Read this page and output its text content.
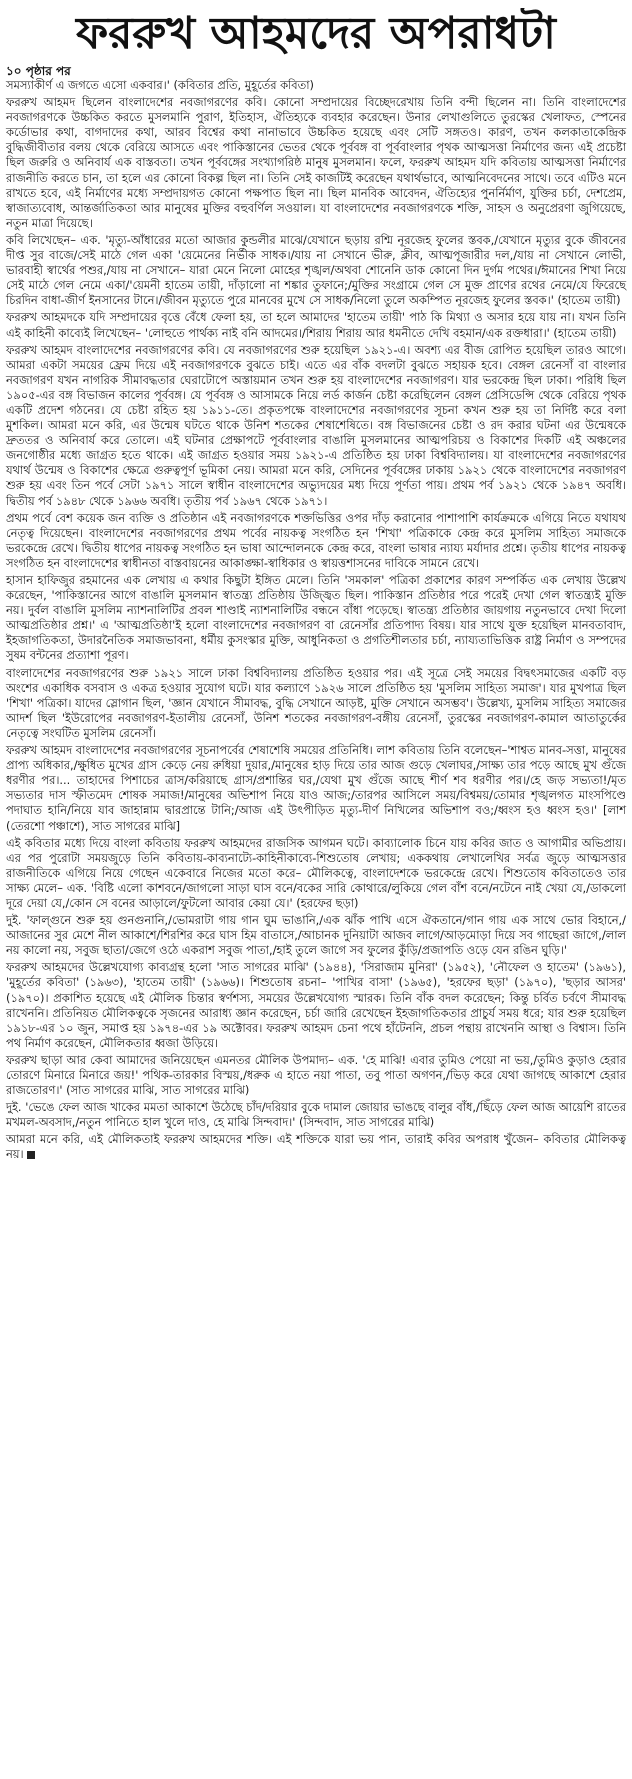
ফররুখ আহমদের অপরাধটা
১০ পৃষ্ঠার পর

সমস্যাকীর্ণ এ জগতে এসো একবার।' (কবিতার প্রতি, মুহূর্তের কবিতা)

ফররুখ আহমদ ছিলেন বাংলাদেশের নবজাগরণের কবি। কোনো সম্প্রদায়ের বিচ্ছেদরেখায় তিনি বন্দী ছিলেন না। তিনি বাংলাদেশের নবজাগরণকে উচ্চকিত করতে মুসলমানি পুরাণ, ইতিহাস, ঐতিহ্যকে ব্যবহার করেছেন। উনার লেখাগুলিতে তুরস্কের খেলাফত, স্পেনের কর্ডোভার কথা, বাগদাদের কথা, আরব বিশ্বের কথা নানাভাবে উচ্চকিত হয়েছে এবং সেটি সঙ্গতও। কারণ, তখন কলকাতাকেন্দ্রিক বুদ্ধিজীবীতার বলয় থেকে বেরিয়ে আসতে এবং পাকিস্তানের ভেতর থেকে পূর্ববঙ্গ বা পূর্ববাংলার পৃথক আত্মসত্তা নির্মাণের জন্য এই প্রচেষ্টা ছিল জরুরি ও অনিবার্য এক বাস্তবতা। তখন পূর্ববঙ্গের সংখ্যাগরিষ্ঠ মানুষ মুসলমান। ফলে, ফররুখ আহমদ যদি কবিতায় আত্মসত্তা নির্মাণের রাজনীতি করতে চান, তা হলে এর কোনো বিকল্প ছিল না। তিনি সেই কাজটিই করেছেন যথার্থভাবে, আত্মনিবেদনের সাথে। তবে এটিও মনে রাখতে হবে, এই নির্মাণের মধ্যে সম্প্রদায়গত কোনো পক্ষপাত ছিল না। ছিল মানবিক আবেদন, ঐতিহ্যের পুনর্নির্মাণ, যুক্তির চর্চা, দেশপ্রেম, স্বাজাত্যবোধ, আন্তর্জাতিকতা আর মানুষের মুক্তির বহুবর্ণিল সওয়াল। যা বাংলাদেশের নবজাগরণকে শক্তি, সাহস ও অনুপ্রেরণা জুগিয়েছে, নতুন মাত্রা দিয়েছে।

কবি লিখেছেন– এক. 'মৃত্যু-আঁধারের মতো আজার কুন্ডলীর মাঝে/যেখানে ছড়ায় রশ্মি নূরজেহ ফুলের স্তবক,/যেখানে মৃত্যুর বুকে জীবনের দীপ্ত সুর বাজে/সেই মাঠে গেল একা 'য়েমেনের নির্ভীক সাধক।/যায় না সেখানে ভীরু, ক্লীব, আত্মপূজারীর দল,/যায় না সেখানে লোভী, ভারবাহী স্বার্থের পশুর,/যায় না সেখানে– যারা মেনে নিলো মোহের শৃঙ্খল/অথবা শোনেনি ডাক কোনো দিন দুর্গম পথের।/ঈমানের শিখা নিয়ে সেই মাঠে গেল নেমে একা/'য়েমনী হাতেম তায়ী, দাঁড়ালো না শঙ্কার তুফানে;/মুক্তির সংগ্রামে গেল সে মুক্ত প্রাণের রথের নেমে/যে ফিরেছে চিরদিন বাধা-জীর্ণ ইনসানের টানে।/জীবন মৃত্যুতে পুরে মানবের মুখে সে সাধক/নিলো তুলে অকম্পিত নূরজেহ ফুলের স্তবক।' (হাতেম তায়ী)

ফররুখ আহমদকে যদি সম্প্রদায়ের বৃত্তে বেঁধে ফেলা হয়, তা হলে আমাদের 'হাতেম তায়ী' পাঠ কি মিথ্যা ও অসার হয়ে যায় না। যখন তিনি এই কাহিনী কাব্যেই লিখেছেন– 'লোহুতে পার্থক্য নাই বনি আদমের।/শিরায় শিরায় আর ধমনীতে দেখি বহমান/এক রক্তধারা।' (হাতেম তায়ী)

ফররুখ আহমদ বাংলাদেশের নবজাগরণের কবি। যে নবজাগরণের শুরু হয়েছিল ১৯২১-এ। অবশ্য এর বীজ রোপিত হয়েছিল তারও আগে। আমরা একটা সময়ের ফ্রেম দিয়ে এই নবজাগরণকে বুঝতে চাই। এতে এর বাঁক বদলটা বুঝতে সহায়ক হবে। বেঙ্গল রেনেসাঁ বা বাংলার নবজাগরণ যখন নাগরিক সীমাবদ্ধতার ঘেরাটোপে অস্তায়মান তখন শুরু হয় বাংলাদেশের নবজাগরণ। যার ভরকেন্দ্র ছিল ঢাকা। পরিধি ছিল ১৯০৫-এর বঙ্গ বিভাজন কালের পূর্ববঙ্গ। যে পূর্ববঙ্গ ও আসামকে নিয়ে লর্ড কার্জন চেষ্টা করেছিলেন বেঙ্গল প্রেসিডেন্সি থেকে বেরিয়ে পৃথক একটি প্রদেশ গঠনের। যে চেষ্টা রহিত হয় ১৯১১-তে। প্রকৃতপক্ষে বাংলাদেশের নবজাগরণের সূচনা কখন শুরু হয় তা নির্দিষ্ট করে বলা মুশকিল। আমরা মনে করি, এর উন্মেষ ঘটতে থাকে উনিশ শতকের শেষাশেষিতে। বঙ্গ বিভাজনের চেষ্টা ও রদ করার ঘটনা এর উন্মেষকে দ্রুততর ও অনিবার্য করে তোলে। এই ঘটনার প্রেক্ষাপটে পূর্ববাংলার বাঙালি মুসলমানের আত্মপরিচয় ও বিকাশের দিকটি এই অঞ্চলের জনগোষ্ঠীর মধ্যে জাগ্রত হতে থাকে। এই জাগ্রত হওয়ার সময় ১৯২১-এ প্রতিষ্ঠিত হয় ঢাকা বিশ্ববিদ্যালয়। যা বাংলাদেশের নবজাগরণের যথার্থ উন্মেষ ও বিকাশের ক্ষেত্রে গুরুত্বপূর্ণ ভূমিকা নেয়। আমরা মনে করি, সেদিনের পূর্ববঙ্গের ঢাকায় ১৯২১ থেকে বাংলাদেশের নবজাগরণ শুরু হয় এবং তিন পর্বে সেটা ১৯৭১ সালে স্বাধীন বাংলাদেশের অভ্যুদয়ের মধ্য দিয়ে পূর্ণতা পায়। প্রথম পর্ব ১৯২১ থেকে ১৯৪৭ অবধি। দ্বিতীয় পর্ব ১৯৪৮ থেকে ১৯৬৬ অবধি। তৃতীয় পর্ব ১৯৬৭ থেকে ১৯৭১।

প্রথম পর্বে বেশ কয়েক জন ব্যক্তি ও প্রতিষ্ঠান এই নবজাগরণকে শক্তভিত্তির ওপর দাঁড় করানোর পাশাপাশি কার্যক্রমকে এগিয়ে নিতে যথাযথ নেতৃত্ব দিয়েছেন। বাংলাদেশের নবজাগরণের প্রথম পর্বের নায়কত্ব সংগঠিত হন 'শিখা' পত্রিকাকে কেন্দ্র করে মুসলিম সাহিত্য সমাজকে ভরকেন্দ্রে রেখে। দ্বিতীয় ধাপের নায়কত্ব সংগঠিত হন ভাষা আন্দোলনকে কেন্দ্র করে, বাংলা ভাষার ন্যায্য মর্যাদার প্রশ্নে। তৃতীয় ধাপের নায়কত্ব সংগঠিত হন বাংলাদেশের স্বাধীনতা বাস্তবায়নের আকাঙ্ক্ষা-স্বাধিকার ও স্বায়ত্তশাসনের দাবিকে সামনে রেখে।

হাসান হাফিজুর রহমানের এক লেখায় এ কথার কিছুটা ইঙ্গিত মেলে। তিনি 'সমকাল' পত্রিকা প্রকাশের কারণ সম্পর্কিত এক লেখায় উল্লেখ করেছেন, 'পাকিস্তানের আগে বাঙালি মুসলমান স্বাতন্ত্র্য প্রতিষ্ঠায় উজ্জ্বিত ছিল। পাকিস্তান প্রতিষ্ঠার পরে পরেই দেখা গেল স্বাতন্ত্র্যই মুক্তি নয়। দুর্বল বাঙালি মুসলিম ন্যাশনালিটির প্রবল শাণ্ডাই ন্যাশনালিটির বন্ধনে বাঁধা পড়েছে। স্বাতন্ত্র্য প্রতিষ্ঠার জায়গায় নতুনভাবে দেখা দিলো আত্মপ্রতিষ্ঠার প্রশ্ন।' এ 'আত্মপ্রতিষ্ঠা'ই হলো বাংলাদেশের নবজাগরণ বা রেনেসাঁর প্রতিপাদ্য বিষয়। যার সাথে যুক্ত হয়েছিল মানবতাবাদ, ইহজাগতিকতা, উদারনৈতিক সমাজভাবনা, ধর্মীয় কুসংস্কার মুক্তি, আধুনিকতা ও প্রগতিশীলতার চর্চা, ন্যায্যতাভিত্তিক রাষ্ট্র নির্মাণ ও সম্পদের সুষম বন্টনের প্রত্যাশা পূরণ।

বাংলাদেশের নবজাগরণের শুরু ১৯২১ সালে ঢাকা বিশ্ববিদ্যালয় প্রতিষ্ঠিত হওয়ার পর। এই সূত্রে সেই সময়ের বিদ্বৎসমাজের একটি বড় অংশের একাধিক বসবাস ও একত্র হওয়ার সুযোগ ঘটে। যার কল্যাণে ১৯২৬ সালে প্রতিষ্ঠিত হয় 'মুসলিম সাহিত্য সমাজ'। যার মুখপাত্র ছিল 'শিখা' পত্রিকা। যাদের স্লোগান ছিল, 'জ্ঞান যেখানে সীমাবদ্ধ, বুদ্ধি সেখানে আড়ষ্ট, মুক্তি সেখানে অসম্ভব'। উল্লেখ্য, মুসলিম সাহিত্য সমাজের আদর্শ ছিল 'ইউরোপের নবজাগরণ-ইতালীয় রেনেসাঁ, উনিশ শতকের নবজাগরণ-বঙ্গীয় রেনেসাঁ, তুরস্কের নবজাগরণ-কামাল আতাতুর্কের নেতৃত্বে সংঘটিত মুসলিম রেনেসাঁ।

ফররুখ আহমদ বাংলাদেশের নবজাগরণের সূচনাপর্বের শেষাশেষি সময়ের প্রতিনিধি। লাশ কবিতায় তিনি বলেছেন–'শাশ্বত মানব-সত্তা, মানুষের প্রাপ্য অধিকার,/ক্ষুধিত মুখের গ্রাস কেড়ে নেয় রুধিয়া দুয়ার,/মানুষের হাড় দিয়ে তার আজ গুড়ে খেলাঘর,/সাক্ষ্য তার পড়ে আছে মুখ গুঁজে ধরণীর পর।... তাহাদের পিশাচের ত্রাস/করিয়াছে গ্রাস/প্রশান্তির ঘর,/যেথা মুখ গুঁজে আছে শীর্ণ শব ধরণীর পর।/হে জড় সভ্যতা!/মৃত সভ্যতার দাস স্ফীতমেদ শোষক সমাজ!/মানুষের অভিশাপ নিয়ে যাও আজ;/তারপর আসিলে সময়/বিশ্বময়/তোমার শৃঙ্খলগত মাংসপিণ্ডে পদাঘাত হানি/নিয়ে যাব জাহান্নাম দ্বারপ্রান্তে টানি;/আজ এই উৎপীড়িত মৃত্যু-দীর্ণ নিখিলের অভিশাপ বও;/ধ্বংস হও ধ্বংস হও।' [লাশ (তেরশো পঞ্চাশে), সাত সাগরের মাঝি]

এই কবিতার মধ্যে দিয়ে বাংলা কবিতায় ফররুখ আহমদের রাজসিক আগমন ঘটে। কাব্যালোক চিনে যায় কবির জাত ও আগামীর অভিপ্রায়। এর পর পুরোটা সময়জুড়ে তিনি কবিতায়-কাব্যনাট্যে-কাহিনীকাব্যে-শিশুতোষ লেখায়; এককথায় লেখালেখির সর্বত্র জুড়ে আত্মসত্তার রাজনীতিকে এগিয়ে নিয়ে গেছেন একেবারে নিজের মতো করে– মৌলিকত্বে, বাংলাদেশকে ভরকেন্দ্রে রেখে। শিশুতোষ কবিতাতেও তার সাক্ষ্য মেলে– এক. 'বিষ্টি এলো কাশবনে/জাগলো সাড়া ঘাস বনে/বকের সারি কোথারে/লুকিয়ে গেল বাঁশ বনে/নটেনে নাই খেয়া যে,/ডাকলো দূরে দেয়া যে,/কোন সে বনের আড়ালে/ফুটলো আবার কেয়া যে।' (হরফের ছড়া)

দুই. 'ফাল্গুনে শুরু হয় গুনগুনানি,/ভোমরাটা গায় গান ঘুম ভাঙানি,/এক ঝাঁক পাখি এসে ঐকতানে/গান গায় এক সাথে ভোর বিহানে,/আজানের সুর মেশে নীল আকাশে/শিরশির করে ঘাস হিম বাতাসে,/আচানক দুনিয়াটা আজব লাগে/আড়মোড়া দিয়ে সব গাছেরা জাগে,/লাল নয় কালো নয়, সবুজ ছাতা/জেগে ওঠে একরাশ সবুজ পাতা,/হাই তুলে জাগে সব ফুলের কুঁড়ি/প্রজাপতি ওড়ে যেন রঙিন ঘুড়ি।'

ফররুখ আহমদের উল্লেখযোগ্য কাব্যগ্রন্থ হলো 'সাত সাগরের মাঝি' (১৯৪৪), 'সিরাজাম মুনিরা' (১৯৫২), 'নৌফেল ও হাতেম' (১৯৬১), 'মুহূর্তের কবিতা' (১৯৬৩), 'হাতেম তায়ী' (১৯৬৬)। শিশুতোষ রচনা– 'পাখির বাসা' (১৯৬৫), 'হরফের ছড়া' (১৯৭০), 'ছড়ার আসর' (১৯৭০)। প্রকাশিত হয়েছে এই মৌলিক চিন্তার স্বর্ণশস্য, সময়ের উল্লেখযোগ্য স্মারক। তিনি বাঁক বদল করেছেন; কিন্তু চর্বিত চর্বণে সীমাবদ্ধ রাখেননি। প্রতিনিয়ত মৌলিকত্বকে সৃজনের আরাধ্য জ্ঞান করেছেন, চর্চা জারি রেখেছেন ইহজাগতিকতার প্রাচুর্য সময় ধরে; যার শুরু হয়েছিল ১৯১৮-এর ১০ জুন, সমাপ্ত হয় ১৯৭৪-এর ১৯ অক্টোবর। ফররুখ আহমদ চেনা পথে হাঁটেননি, প্রচল পন্থায় রাখেননি আস্থা ও বিশ্বাস। তিনি পথ নির্মাণ করেছেন, মৌলিকতার ধ্বজা উড়িয়ে।

ফররুখ ছাড়া আর কেবা আমাদের জনিয়েছেন এমনতর মৌলিক উপমাদ্য– এক. 'হে মাঝি! এবার তুমিও পেয়ো না ভয়,/তুমিও কুড়াও হেরার তোরণে মিনারে মিনারে জয়!' পথিক-তারকার বিস্ময়,/ধরুক এ হাতে নয়া পাতা, তবু পাতা অগণন,/ভিড় করে যেথা জাগছে আকাশে হেরার রাজতোরণ।' (সাত সাগরের মাঝি, সাত সাগরের মাঝি)

দুই. 'ভেঙে ফেল আজ খাকের মমতা আকাশে উঠেছে চাঁদ/দরিয়ার বুকে দামাল জোয়ার ভাঙছে বালুর বাঁধ,/ছিঁড়ে ফেল আজ আয়েশি রাতের মখমল-অবসাদ,/নতুন পানিতে হাল খুলে দাও, হে মাঝি সিন্দবাদ।' (সিন্দবাদ, সাত সাগরের মাঝি)

আমরা মনে করি, এই মৌলিকতাই ফররুখ আহমদের শক্তি। এই শক্তিকে যারা ভয় পান, তারাই কবির অপরাধ খুঁজেন– কবিতার মৌলিকত্ব নয়।
